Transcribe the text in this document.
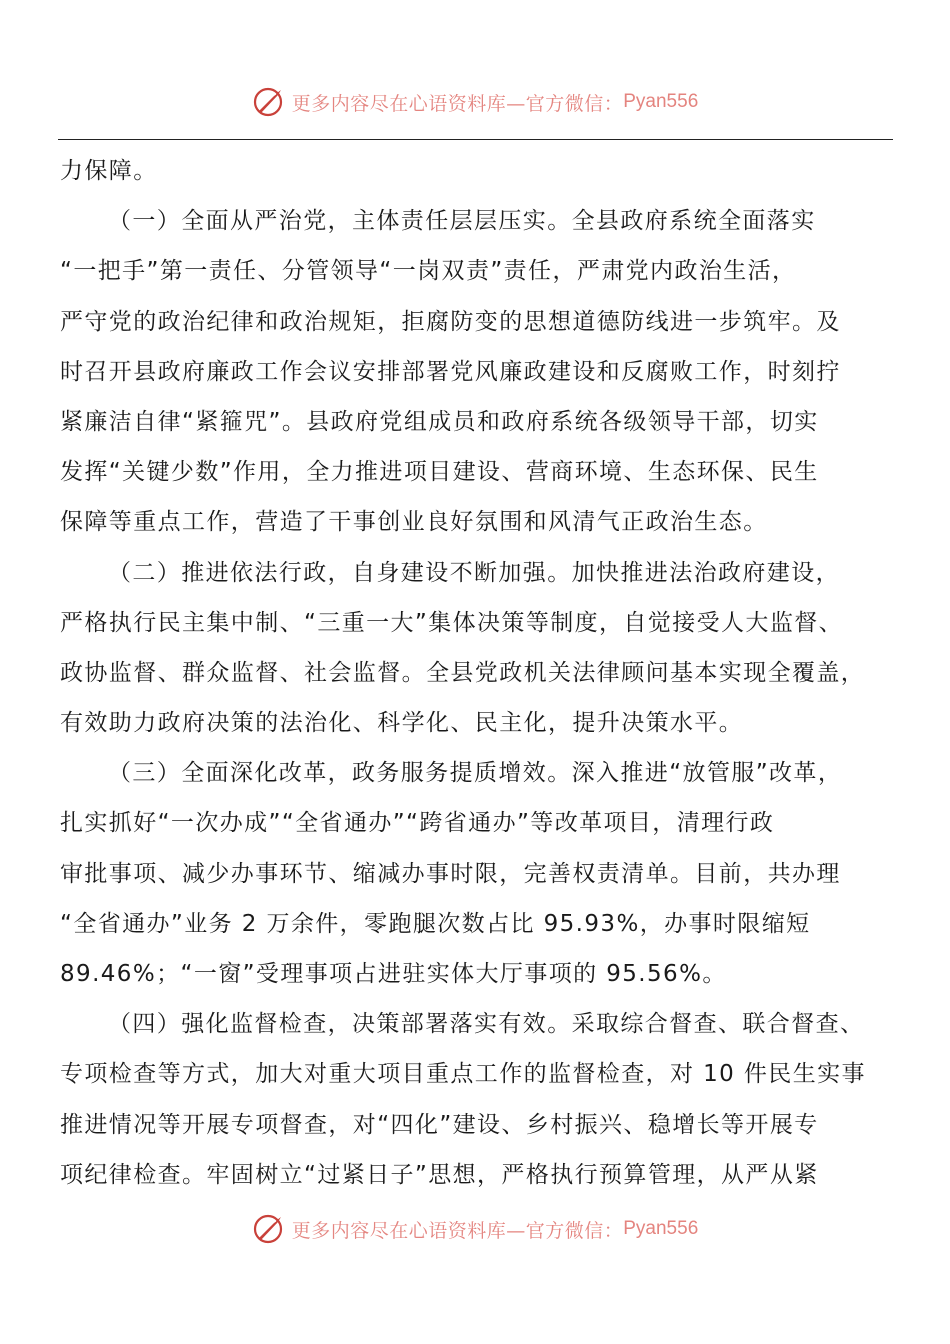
更多内容尽在心语资料库—官方微信： Pyan556
力保障。
（一）全面从严治党，主体责任层层压实。全县政府系统全面落实
“一把手”第一责任、分管领导“一岗双责”责任，严肃党内政治生活，
严守党的政治纪律和政治规矩，拒腐防变的思想道德防线进一步筑牢。及
时召开县政府廉政工作会议安排部署党风廉政建设和反腐败工作，时刻拧
紧廉洁自律“紧箍咒”。县政府党组成员和政府系统各级领导干部，切实
发挥“关键少数”作用，全力推进项目建设、营商环境、生态环保、民生
保障等重点工作，营造了干事创业良好氛围和风清气正政治生态。
（二）推进依法行政，自身建设不断加强。加快推进法治政府建设，
严格执行民主集中制、“三重一大”集体决策等制度，自觉接受人大监督、
政协监督、群众监督、社会监督。全县党政机关法律顾问基本实现全覆盖，
有效助力政府决策的法治化、科学化、民主化，提升决策水平。
（三）全面深化改革，政务服务提质增效。深入推进“放管服”改革，
扎实抓好“一次办成”“全省通办”“跨省通办”等改革项目，清理行政
审批事项、减少办事环节、缩减办事时限，完善权责清单。目前，共办理
“全省通办”业务 2 万余件，零跑腿次数占比 95.93%，办事时限缩短
89.46%；“一窗”受理事项占进驻实体大厅事项的 95.56%。
（四）强化监督检查，决策部署落实有效。采取综合督查、联合督查、
专项检查等方式，加大对重大项目重点工作的监督检查，对 10 件民生实事
推进情况等开展专项督查，对“四化”建设、乡村振兴、稳增长等开展专
项纪律检查。牢固树立“过紧日子”思想，严格执行预算管理，从严从紧
更多内容尽在心语资料库—官方微信： Pyan556
